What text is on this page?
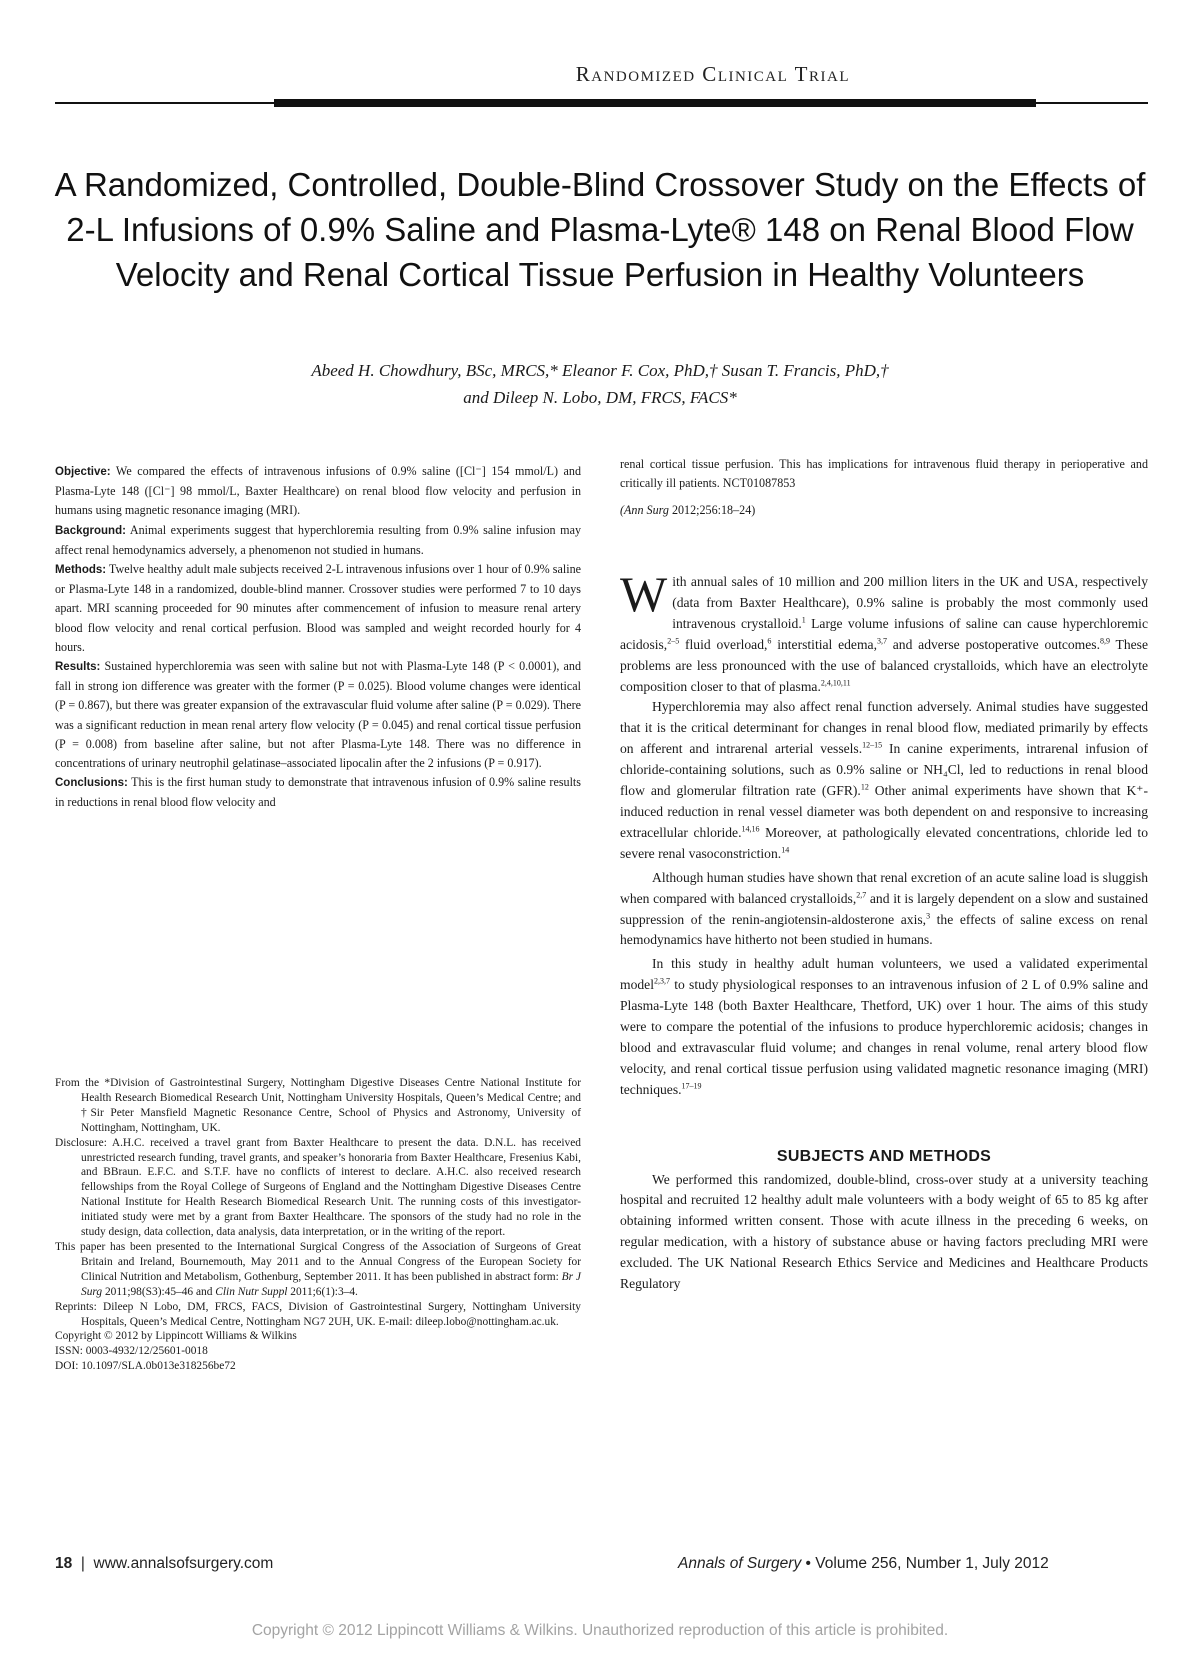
Randomized Clinical Trial
A Randomized, Controlled, Double-Blind Crossover Study on the Effects of 2-L Infusions of 0.9% Saline and Plasma-Lyte® 148 on Renal Blood Flow Velocity and Renal Cortical Tissue Perfusion in Healthy Volunteers
Abeed H. Chowdhury, BSc, MRCS,* Eleanor F. Cox, PhD,† Susan T. Francis, PhD,†
and Dileep N. Lobo, DM, FRCS, FACS*

Objective: We compared the effects of intravenous infusions of 0.9% saline ([Cl⁻] 154 mmol/L) and Plasma-Lyte 148 ([Cl⁻] 98 mmol/L, Baxter Healthcare) on renal blood flow velocity and perfusion in humans using magnetic resonance imaging (MRI).

Background: Animal experiments suggest that hyperchloremia resulting from 0.9% saline infusion may affect renal hemodynamics adversely, a phenomenon not studied in humans.

Methods: Twelve healthy adult male subjects received 2-L intravenous infusions over 1 hour of 0.9% saline or Plasma-Lyte 148 in a randomized, double-blind manner. Crossover studies were performed 7 to 10 days apart. MRI scanning proceeded for 90 minutes after commencement of infusion to measure renal artery blood flow velocity and renal cortical perfusion. Blood was sampled and weight recorded hourly for 4 hours.

Results: Sustained hyperchloremia was seen with saline but not with Plasma-Lyte 148 (P < 0.0001), and fall in strong ion difference was greater with the former (P = 0.025). Blood volume changes were identical (P = 0.867), but there was greater expansion of the extravascular fluid volume after saline (P = 0.029). There was a significant reduction in mean renal artery flow velocity (P = 0.045) and renal cortical tissue perfusion (P = 0.008) from baseline after saline, but not after Plasma-Lyte 148. There was no difference in concentrations of urinary neutrophil gelatinase–associated lipocalin after the 2 infusions (P = 0.917).

Conclusions: This is the first human study to demonstrate that intravenous infusion of 0.9% saline results in reductions in renal blood flow velocity and

From the *Division of Gastrointestinal Surgery, Nottingham Digestive Diseases Centre National Institute for Health Research Biomedical Research Unit, Nottingham University Hospitals, Queen’s Medical Centre; and †Sir Peter Mansfield Magnetic Resonance Centre, School of Physics and Astronomy, University of Nottingham, Nottingham, UK.

Disclosure: A.H.C. received a travel grant from Baxter Healthcare to present the data. D.N.L. has received unrestricted research funding, travel grants, and speaker’s honoraria from Baxter Healthcare, Fresenius Kabi, and BBraun. E.F.C. and S.T.F. have no conflicts of interest to declare. A.H.C. also received research fellowships from the Royal College of Surgeons of England and the Nottingham Digestive Diseases Centre National Institute for Health Research Biomedical Research Unit. The running costs of this investigator-initiated study were met by a grant from Baxter Healthcare. The sponsors of the study had no role in the study design, data collection, data analysis, data interpretation, or in the writing of the report.

This paper has been presented to the International Surgical Congress of the Association of Surgeons of Great Britain and Ireland, Bournemouth, May 2011 and to the Annual Congress of the European Society for Clinical Nutrition and Metabolism, Gothenburg, September 2011. It has been published in abstract form: Br J Surg 2011;98(S3):45–46 and Clin Nutr Suppl 2011;6(1):3–4.

Reprints: Dileep N Lobo, DM, FRCS, FACS, Division of Gastrointestinal Surgery, Nottingham University Hospitals, Queen’s Medical Centre, Nottingham NG7 2UH, UK. E-mail: dileep.lobo@nottingham.ac.uk.

Copyright © 2012 by Lippincott Williams & Wilkins

ISSN: 0003-4932/12/25601-0018

DOI: 10.1097/SLA.0b013e318256be72

renal cortical tissue perfusion. This has implications for intravenous fluid therapy in perioperative and critically ill patients. NCT01087853

(Ann Surg 2012;256:18–24)

With annual sales of 10 million and 200 million liters in the UK and USA, respectively (data from Baxter Healthcare), 0.9% saline is probably the most commonly used intravenous crystalloid.$^1$ Large volume infusions of saline can cause hyperchloremic acidosis,$^{2-5}$ fluid overload,$^6$ interstitial edema,$^{3,7}$ and adverse postoperative outcomes.$^{8,9}$ These problems are less pronounced with the use of balanced crystalloids, which have an electrolyte composition closer to that of plasma.$^{2,4,10,11}$

Hyperchloremia may also affect renal function adversely. Animal studies have suggested that it is the critical determinant for changes in renal blood flow, mediated primarily by effects on afferent and intrarenal arterial vessels.$^{12-15}$ In canine experiments, intrarenal infusion of chloride-containing solutions, such as 0.9% saline or NH₄Cl, led to reductions in renal blood flow and glomerular filtration rate (GFR).$^{12}$ Other animal experiments have shown that K⁺-induced reduction in renal vessel diameter was both dependent on and responsive to increasing extracellular chloride.$^{14,16}$ Moreover, at pathologically elevated concentrations, chloride led to severe renal vasoconstriction.$^{14}$

Although human studies have shown that renal excretion of an acute saline load is sluggish when compared with balanced crystalloids,$^{2,7}$ and it is largely dependent on a slow and sustained suppression of the renin-angiotensin-aldosterone axis,$^3$ the effects of saline excess on renal hemodynamics have hitherto not been studied in humans.

In this study in healthy adult human volunteers, we used a validated experimental model$^{2,3,7}$ to study physiological responses to an intravenous infusion of 2 L of 0.9% saline and Plasma-Lyte 148 (both Baxter Healthcare, Thetford, UK) over 1 hour. The aims of this study were to compare the potential of the infusions to produce hyperchloremic acidosis; changes in blood and extravascular fluid volume; and changes in renal volume, renal artery blood flow velocity, and renal cortical tissue perfusion using validated magnetic resonance imaging (MRI) techniques.$^{17-19}$

SUBJECTS AND METHODS

We performed this randomized, double-blind, cross-over study at a university teaching hospital and recruited 12 healthy adult male volunteers with a body weight of 65 to 85 kg after obtaining informed written consent. Those with acute illness in the preceding 6 weeks, on regular medication, with a history of substance abuse or having factors precluding MRI were excluded. The UK National Research Ethics Service and Medicines and Healthcare Products Regulatory

18 | www.annalsofsurgery.com	Annals of Surgery • Volume 256, Number 1, July 2012
Copyright © 2012 Lippincott Williams & Wilkins. Unauthorized reproduction of this article is prohibited.
